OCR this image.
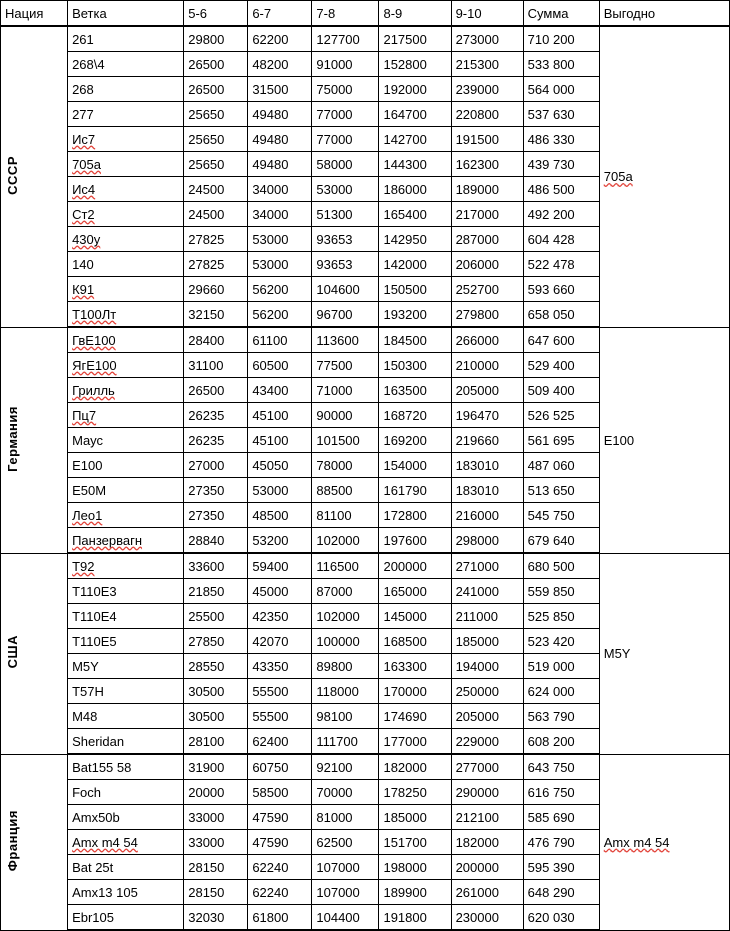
Нация	Ветка	5-6	6-7	7-8	8-9	9-10	Сумма	Выгодно
СССР	261	29800	62200	127700	217500	273000	710 200	705а
	268\4	26500	48200	91000	152800	215300	533 800	
	268	26500	31500	75000	192000	239000	564 000	
	277	25650	49480	77000	164700	220800	537 630	
	Ис7	25650	49480	77000	142700	191500	486 330	
	705а	25650	49480	58000	144300	162300	439 730	
	Ис4	24500	34000	53000	186000	189000	486 500	
	Ст2	24500	34000	51300	165400	217000	492 200	
	430у	27825	53000	93653	142950	287000	604 428	
	140	27825	53000	93653	142000	206000	522 478	
	К91	29660	56200	104600	150500	252700	593 660	
	Т100Лт	32150	56200	96700	193200	279800	658 050	
Германия	ГвЕ100	28400	61100	113600	184500	266000	647 600	Е100
	ЯгЕ100	31100	60500	77500	150300	210000	529 400	
	Грилль	26500	43400	71000	163500	205000	509 400	
	Пц7	26235	45100	90000	168720	196470	526 525	
	Маус	26235	45100	101500	169200	219660	561 695	
	Е100	27000	45050	78000	154000	183010	487 060	
	Е50М	27350	53000	88500	161790	183010	513 650	
	Лео1	27350	48500	81100	172800	216000	545 750	
	Панзервагн	28840	53200	102000	197600	298000	679 640	
США	Т92	33600	59400	116500	200000	271000	680 500	М5Y
	Т110Е3	21850	45000	87000	165000	241000	559 850	
	Т110Е4	25500	42350	102000	145000	211000	525 850	
	Т110Е5	27850	42070	100000	168500	185000	523 420	
	М5Y	28550	43350	89800	163300	194000	519 000	
	Т57Н	30500	55500	118000	170000	250000	624 000	
	М48	30500	55500	98100	174690	205000	563 790	
	Sheridan	28100	62400	111700	177000	229000	608 200	
Франция	Bat155 58	31900	60750	92100	182000	277000	643 750	Amx m4 54
	Foch	20000	58500	70000	178250	290000	616 750	
	Amx50b	33000	47590	81000	185000	212100	585 690	
	Amx m4 54	33000	47590	62500	151700	182000	476 790	
	Bat 25t	28150	62240	107000	198000	200000	595 390	
	Amx13 105	28150	62240	107000	189900	261000	648 290	
	Ebr105	32030	61800	104400	191800	230000	620 030	
